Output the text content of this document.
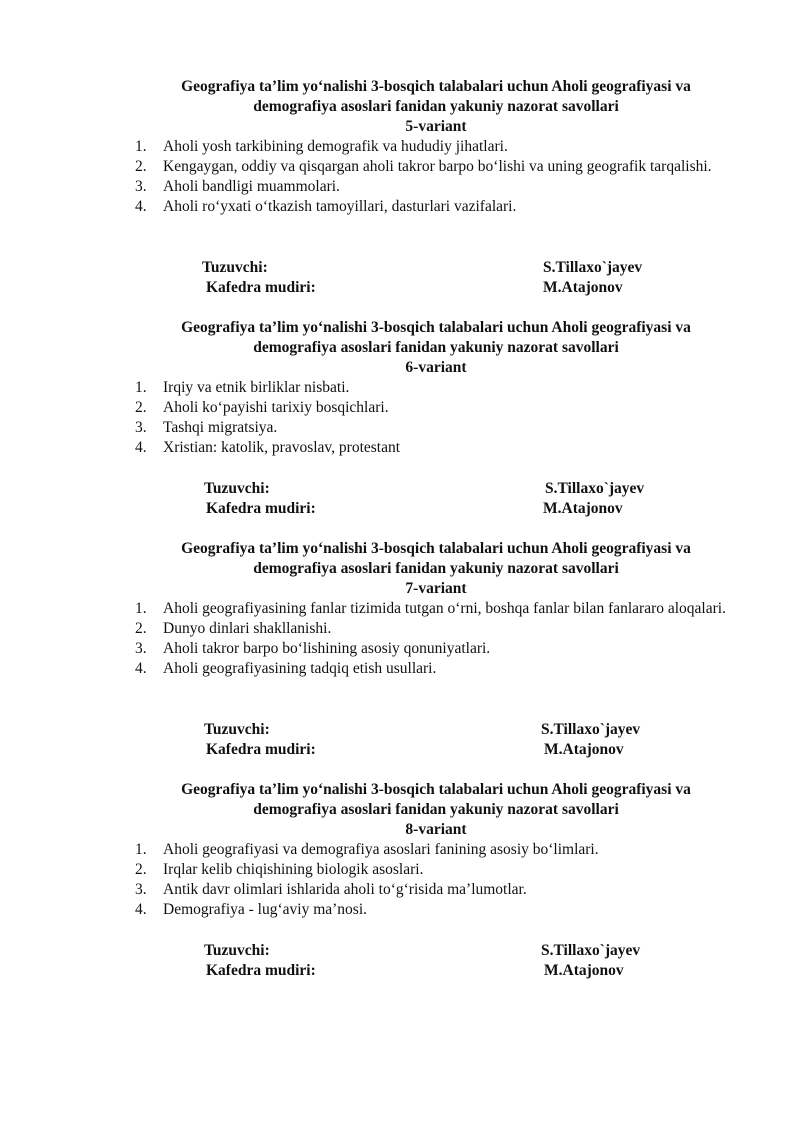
Geografiya ta’lim yo‘nalishi 3-bosqich talabalari uchun Aholi geografiyasi va
demografiya asoslari fanidan yakuniy nazorat savollari
5-variant
1. Aholi yosh tarkibining demografik va hududiy jihatlari.
2. Kengaygan, oddiy va qisqargan aholi takror barpo bo‘lishi va uning geografik tarqalishi.
3. Aholi bandligi muammolari.
4. Aholi ro‘yxati o‘tkazish tamoyillari, dasturlari vazifalari.
Tuzuvchi:	S.Tillaxo`jayev
Kafedra mudiri:	M.Atajonov
Geografiya ta’lim yo‘nalishi 3-bosqich talabalari uchun Aholi geografiyasi va
demografiya asoslari fanidan yakuniy nazorat savollari
6-variant
1. Irqiy va etnik birliklar nisbati.
2. Aholi ko‘payishi tarixiy bosqichlari.
3. Tashqi migratsiya.
4. Xristian: katolik, pravoslav, protestant
Tuzuvchi:	S.Tillaxo`jayev
Kafedra mudiri:	M.Atajonov
Geografiya ta’lim yo‘nalishi 3-bosqich talabalari uchun Aholi geografiyasi va
demografiya asoslari fanidan yakuniy nazorat savollari
7-variant
1. Aholi geografiyasining fanlar tizimida tutgan o‘rni, boshqa fanlar bilan fanlararo aloqalari.
2. Dunyo dinlari shakllanishi.
3. Aholi takror barpo bo‘lishining asosiy qonuniyatlari.
4. Aholi geografiyasining tadqiq etish usullari.
Tuzuvchi:	S.Tillaxo`jayev
Kafedra mudiri:	M.Atajonov
Geografiya ta’lim yo‘nalishi 3-bosqich talabalari uchun Aholi geografiyasi va
demografiya asoslari fanidan yakuniy nazorat savollari
8-variant
1. Aholi geografiyasi va demografiya asoslari fanining asosiy bo‘limlari.
2. Irqlar kelib chiqishining biologik asoslari.
3. Antik davr olimlari ishlarida aholi to‘g‘risida ma’lumotlar.
4. Demografiya - lug‘aviy ma’nosi.
Tuzuvchi:	S.Tillaxo`jayev
Kafedra mudiri:	M.Atajonov
